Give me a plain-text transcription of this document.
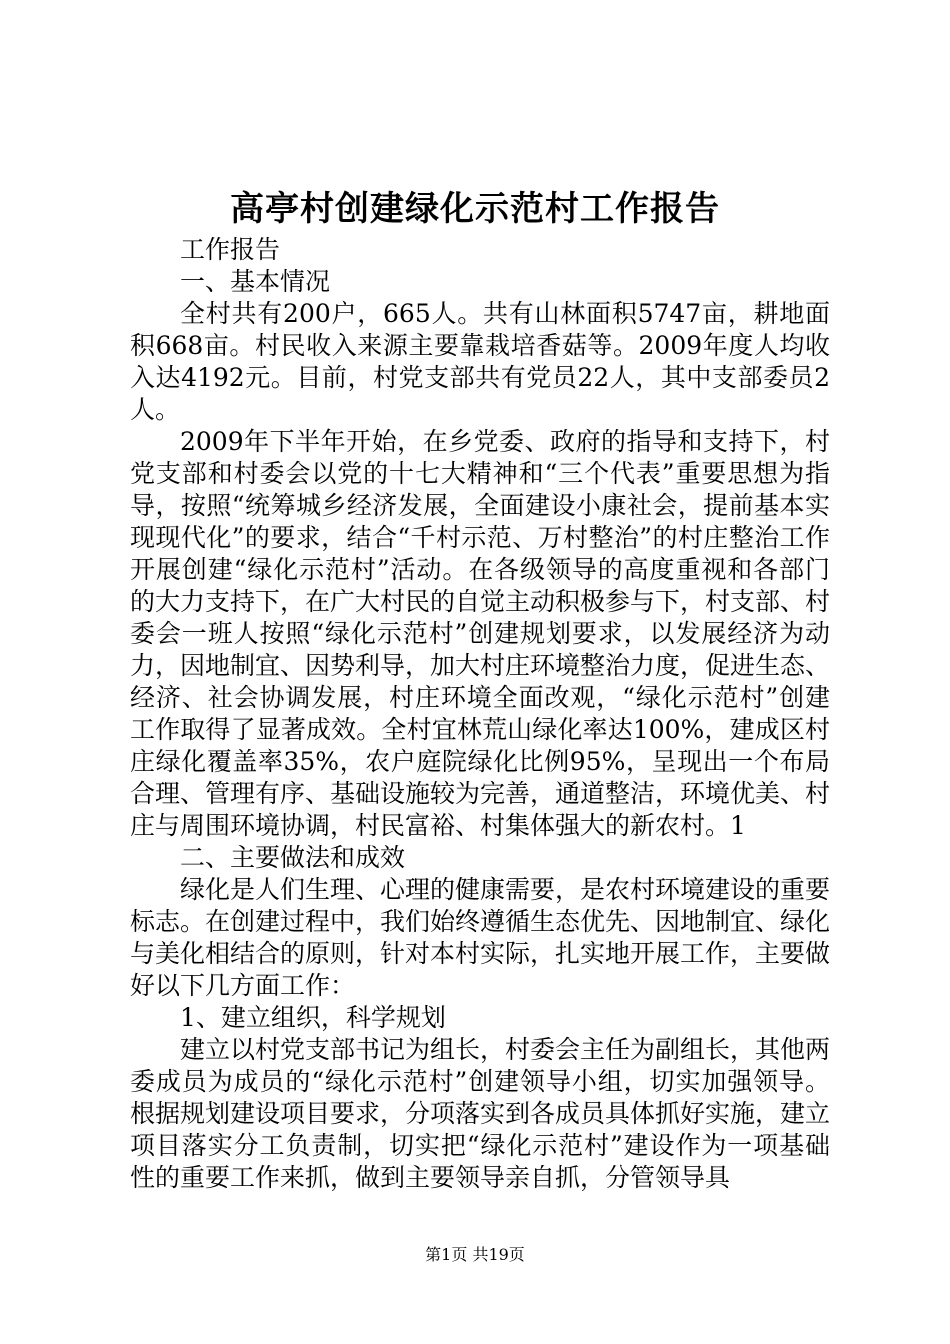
高亭村创建绿化示范村工作报告

工作报告

一、基本情况

全村共有200户，665人。共有山林面积5747亩，耕地面积668亩。村民收入来源主要靠栽培香菇等。2009年度人均收入达4192元。目前，村党支部共有党员22人，其中支部委员2人。

2009年下半年开始，在乡党委、政府的指导和支持下，村党支部和村委会以党的十七大精神和“三个代表”重要思想为指导，按照“统筹城乡经济发展，全面建设小康社会，提前基本实现现代化”的要求，结合“千村示范、万村整治”的村庄整治工作开展创建“绿化示范村”活动。在各级领导的高度重视和各部门的大力支持下，在广大村民的自觉主动积极参与下，村支部、村委会一班人按照“绿化示范村”创建规划要求，以发展经济为动力，因地制宜、因势利导，加大村庄环境整治力度，促进生态、经济、社会协调发展，村庄环境全面改观，“绿化示范村”创建工作取得了显著成效。全村宜林荒山绿化率达100%，建成区村庄绿化覆盖率35%，农户庭院绿化比例95%，呈现出一个布局合理、管理有序、基础设施较为完善，通道整洁，环境优美、村庄与周围环境协调，村民富裕、村集体强大的新农村。1

二、主要做法和成效

绿化是人们生理、心理的健康需要，是农村环境建设的重要标志。在创建过程中，我们始终遵循生态优先、因地制宜、绿化与美化相结合的原则，针对本村实际，扎实地开展工作，主要做好以下几方面工作：

1、建立组织，科学规划

建立以村党支部书记为组长，村委会主任为副组长，其他两委成员为成员的“绿化示范村”创建领导小组，切实加强领导。根据规划建设项目要求，分项落实到各成员具体抓好实施，建立项目落实分工负责制，切实把“绿化示范村”建设作为一项基础性的重要工作来抓，做到主要领导亲自抓，分管领导具

第1页 共19页
